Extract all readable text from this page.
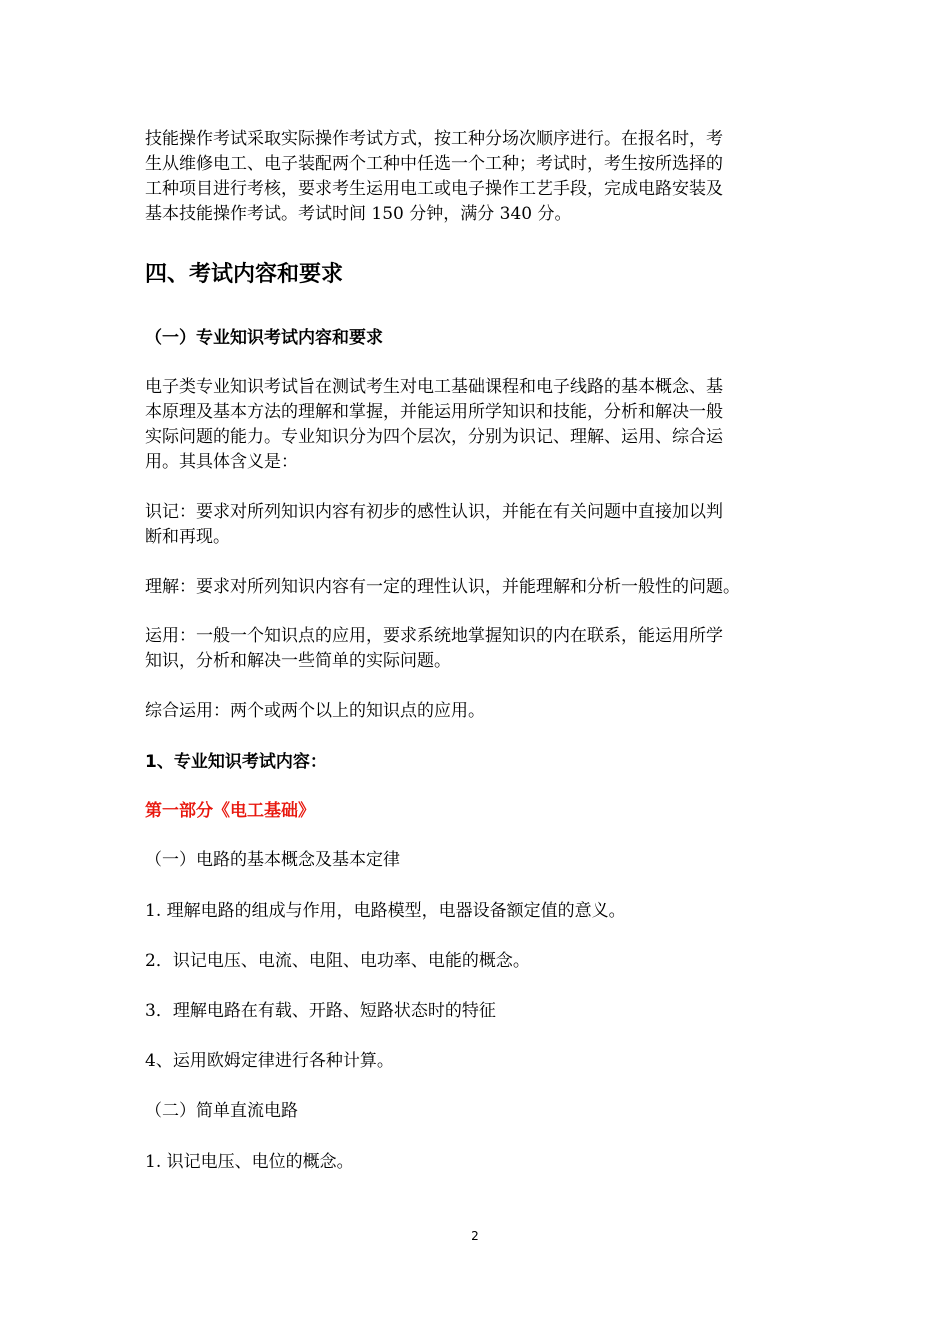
技能操作考试采取实际操作考试方式，按工种分场次顺序进行。在报名时，考
生从维修电工、电子装配两个工种中任选一个工种；考试时，考生按所选择的
工种项目进行考核，要求考生运用电工或电子操作工艺手段，完成电路安装及
基本技能操作考试。考试时间 150 分钟，满分 340 分。
四、考试内容和要求
（一）专业知识考试内容和要求
电子类专业知识考试旨在测试考生对电工基础课程和电子线路的基本概念、基
本原理及基本方法的理解和掌握，并能运用所学知识和技能，分析和解决一般
实际问题的能力。专业知识分为四个层次，分别为识记、理解、运用、综合运
用。其具体含义是：
识记：要求对所列知识内容有初步的感性认识，并能在有关问题中直接加以判
断和再现。
理解：要求对所列知识内容有一定的理性认识，并能理解和分析一般性的问题。
运用：一般一个知识点的应用，要求系统地掌握知识的内在联系，能运用所学
知识，分析和解决一些简单的实际问题。
综合运用：两个或两个以上的知识点的应用。
1、专业知识考试内容：
第一部分《电工基础》
（一）电路的基本概念及基本定律
1. 理解电路的组成与作用，电路模型，电器设备额定值的意义。
2．识记电压、电流、电阻、电功率、电能的概念。
3．理解电路在有载、开路、短路状态时的特征
4、运用欧姆定律进行各种计算。
（二）简单直流电路
1. 识记电压、电位的概念。
2
